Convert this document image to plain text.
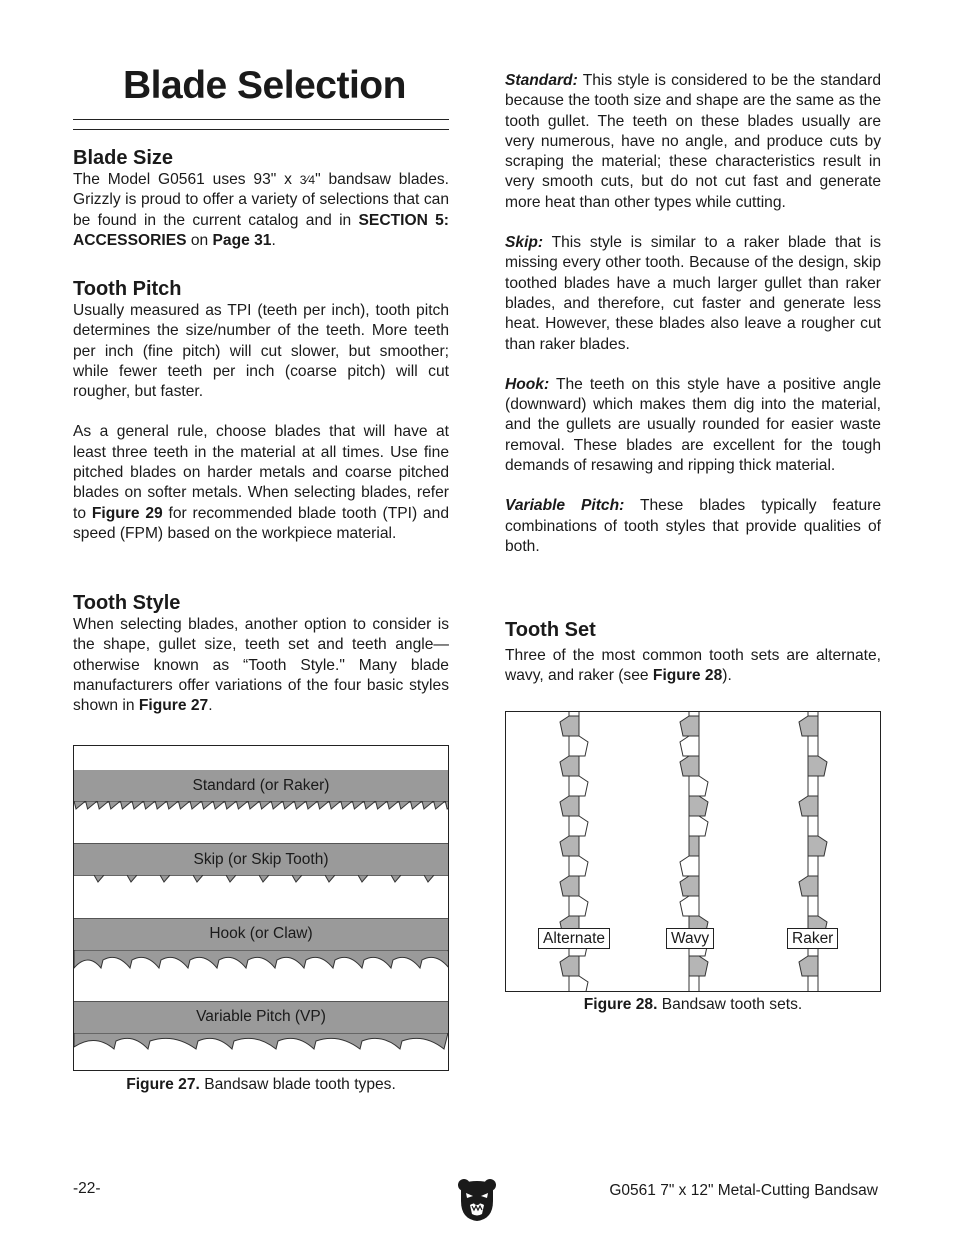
Blade Selection
Blade Size

The Model G0561 uses 93" x 3⁄4" bandsaw blades. Grizzly is proud to offer a variety of selections that can be found in the current catalog and in SECTION 5: ACCESSORIES on Page 31.

Tooth Pitch

Usually measured as TPI (teeth per inch), tooth pitch determines the size/number of the teeth. More teeth per inch (fine pitch) will cut slower, but smoother; while fewer teeth per inch (coarse pitch) will cut rougher, but faster.

As a general rule, choose blades that will have at least three teeth in the material at all times. Use fine pitched blades on harder metals and coarse pitched blades on softer metals. When selecting blades, refer to Figure 29 for recommended blade tooth (TPI) and speed (FPM) based on the workpiece material.

Tooth Style

When selecting blades, another option to consider is the shape, gullet size, teeth set and teeth angle—otherwise known as “Tooth Style." Many blade manufacturers offer variations of the four basic styles shown in Figure 27.

Standard (or Raker)
Skip (or Skip Tooth)
Hook (or Claw)
Variable Pitch (VP)
Figure 27. Bandsaw blade tooth types.

Standard: This style is considered to be the standard because the tooth size and shape are the same as the tooth gullet. The teeth on these blades usually are very numerous, have no angle, and produce cuts by scraping the material; these characteristics result in very smooth cuts, but do not cut fast and generate more heat than other types while cutting.

Skip: This style is similar to a raker blade that is missing every other tooth. Because of the design, skip toothed blades have a much larger gullet than raker blades, and therefore, cut faster and generate less heat. However, these blades also leave a rougher cut than raker blades.

Hook: The teeth on this style have a positive angle (downward) which makes them dig into the material, and the gullets are usually rounded for easier waste removal. These blades are excellent for the tough demands of resawing and ripping thick material.

Variable Pitch: These blades typically feature combinations of tooth styles that provide qualities of both.

Tooth Set

Three of the most common tooth sets are alternate, wavy, and raker (see Figure 28).

Alternate	Wavy	Raker
Figure 28. Bandsaw tooth sets.
-22-	G0561 7" x 12" Metal-Cutting Bandsaw
